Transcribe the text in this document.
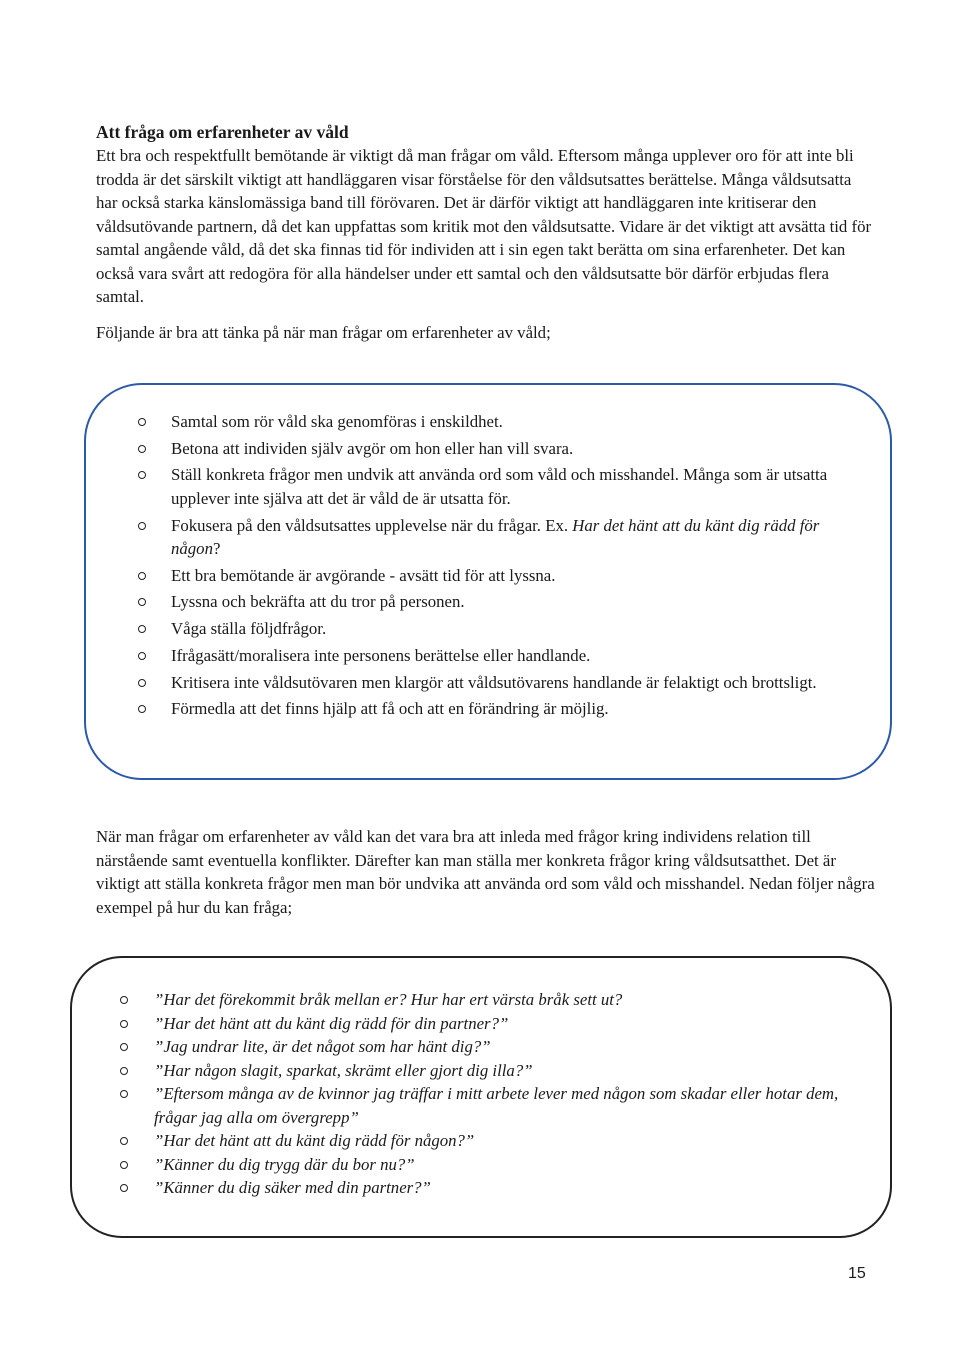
Att fråga om erfarenheter av våld

Ett bra och respektfullt bemötande är viktigt då man frågar om våld. Eftersom många upplever oro för att inte bli trodda är det särskilt viktigt att handläggaren visar förståelse för den våldsutsattes berättelse. Många våldsutsatta har också starka känslomässiga band till förövaren. Det är därför viktigt att handläggaren inte kritiserar den våldsutövande partnern, då det kan uppfattas som kritik mot den våldsutsatte. Vidare är det viktigt att avsätta tid för samtal angående våld, då det ska finnas tid för individen att i sin egen takt berätta om sina erfarenheter. Det kan också vara svårt att redogöra för alla händelser under ett samtal och den våldsutsatte bör därför erbjudas flera samtal.

Följande är bra att tänka på när man frågar om erfarenheter av våld;

Samtal som rör våld ska genomföras i enskildhet.
Betona att individen själv avgör om hon eller han vill svara.
Ställ konkreta frågor men undvik att använda ord som våld och misshandel. Många som är utsatta upplever inte själva att det är våld de är utsatta för.
Fokusera på den våldsutsattes upplevelse när du frågar. Ex. Har det hänt att du känt dig rädd för någon?
Ett bra bemötande är avgörande - avsätt tid för att lyssna.
Lyssna och bekräfta att du tror på personen.
Våga ställa följdfrågor.
Ifrågasätt/moralisera inte personens berättelse eller handlande.
Kritisera inte våldsutövaren men klargör att våldsutövarens handlande är felaktigt och brottsligt.
Förmedla att det finns hjälp att få och att en förändring är möjlig.

När man frågar om erfarenheter av våld kan det vara bra att inleda med frågor kring individens relation till närstående samt eventuella konflikter. Därefter kan man ställa mer konkreta frågor kring våldsutsatthet. Det är viktigt att ställa konkreta frågor men man bör undvika att använda ord som våld och misshandel. Nedan följer några exempel på hur du kan fråga;

”Har det förekommit bråk mellan er? Hur har ert värsta bråk sett ut?
”Har det hänt att du känt dig rädd för din partner?”
”Jag undrar lite, är det något som har hänt dig?”
”Har någon slagit, sparkat, skrämt eller gjort dig illa?”
”Eftersom många av de kvinnor jag träffar i mitt arbete lever med någon som skadar eller hotar dem, frågar jag alla om övergrepp”
”Har det hänt att du känt dig rädd för någon?”
”Känner du dig trygg där du bor nu?”
”Känner du dig säker med din partner?”

15
